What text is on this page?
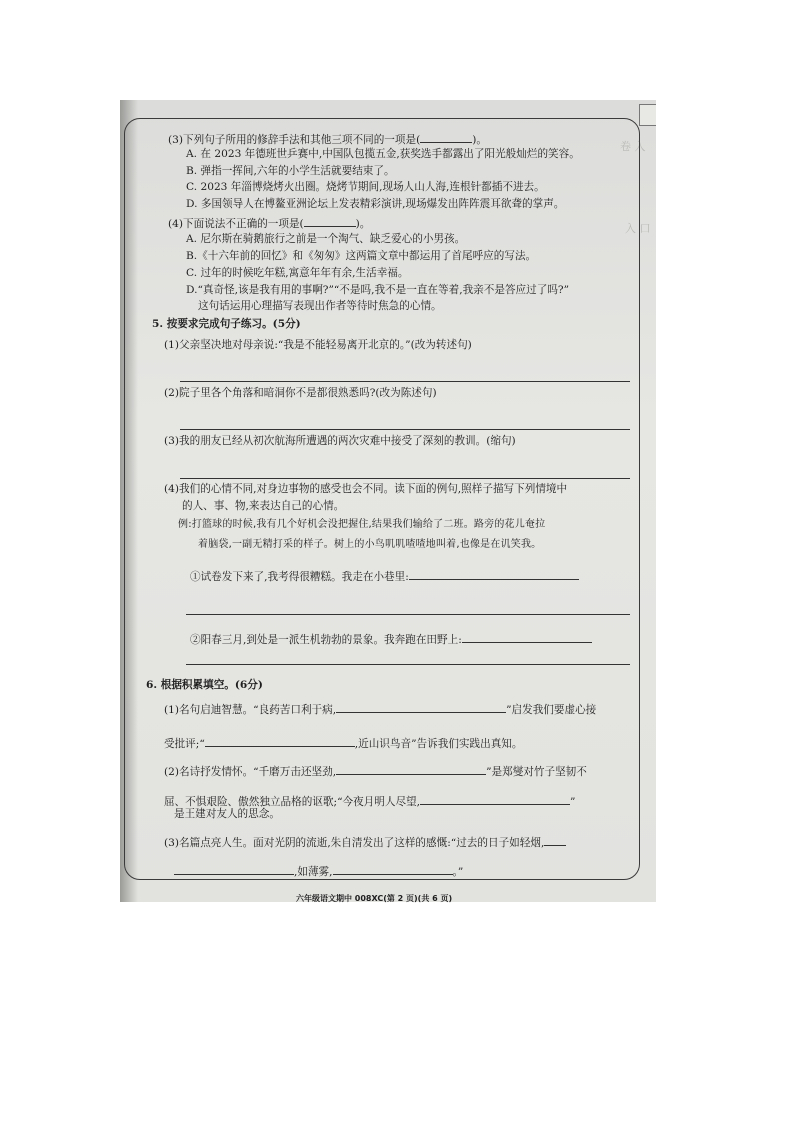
卷 入
入 口
(3)下列句子所用的修辞手法和其他三项不同的一项是(	)。
A. 在 2023 年德班世乒赛中,中国队包揽五金,获奖选手都露出了阳光般灿烂的笑容。
B. 弹指一挥间,六年的小学生活就要结束了。
C. 2023 年淄博烧烤火出圈。烧烤节期间,现场人山人海,连根针都插不进去。
D. 多国领导人在博鳌亚洲论坛上发表精彩演讲,现场爆发出阵阵震耳欲聋的掌声。
(4)下面说法不正确的一项是(	)。
A. 尼尔斯在骑鹅旅行之前是一个淘气、缺乏爱心的小男孩。
B.《十六年前的回忆》和《匆匆》这两篇文章中都运用了首尾呼应的写法。
C. 过年的时候吃年糕,寓意年年有余,生活幸福。
D.“真奇怪,该是我有用的事啊?”“不是吗,我不是一直在等着,我亲不是答应过了吗?”
这句话运用心理描写表现出作者等待时焦急的心情。
5. 按要求完成句子练习。(5分)
(1)父亲坚决地对母亲说:“我是不能轻易离开北京的。”(改为转述句)
(2)院子里各个角落和暗洞你不是都很熟悉吗?(改为陈述句)
(3)我的朋友已经从初次航海所遭遇的两次灾难中接受了深刻的教训。(缩句)
(4)我们的心情不同,对身边事物的感受也会不同。读下面的例句,照样子描写下列情境中
的人、事、物,来表达自己的心情。
例:打篮球的时候,我有几个好机会没把握住,结果我们输给了二班。路旁的花儿奄拉
着脑袋,一副无精打采的样子。树上的小鸟叽叽喳喳地叫着,也像是在讥笑我。
①试卷发下来了,我考得很糟糕。我走在小巷里:
②阳春三月,到处是一派生机勃勃的景象。我奔跑在田野上:
6. 根据积累填空。(6分)
(1)名句启迪智慧。“良药苦口利于病,	”启发我们要虚心接
受批评;“	,近山识鸟音”告诉我们实践出真知。
(2)名诗抒发情怀。“千磨万击还坚劲,	”是郑燮对竹子坚韧不
屈、不惧艰险、傲然独立品格的讴歌;“今夜月明人尽望,	”
是王建对友人的思念。
(3)名篇点亮人生。面对光阴的流逝,朱自清发出了这样的感慨:“过去的日子如轻烟,
,如薄雾,	。”
六年级语文期中 008XC(第 2 页)(共 6 页)
